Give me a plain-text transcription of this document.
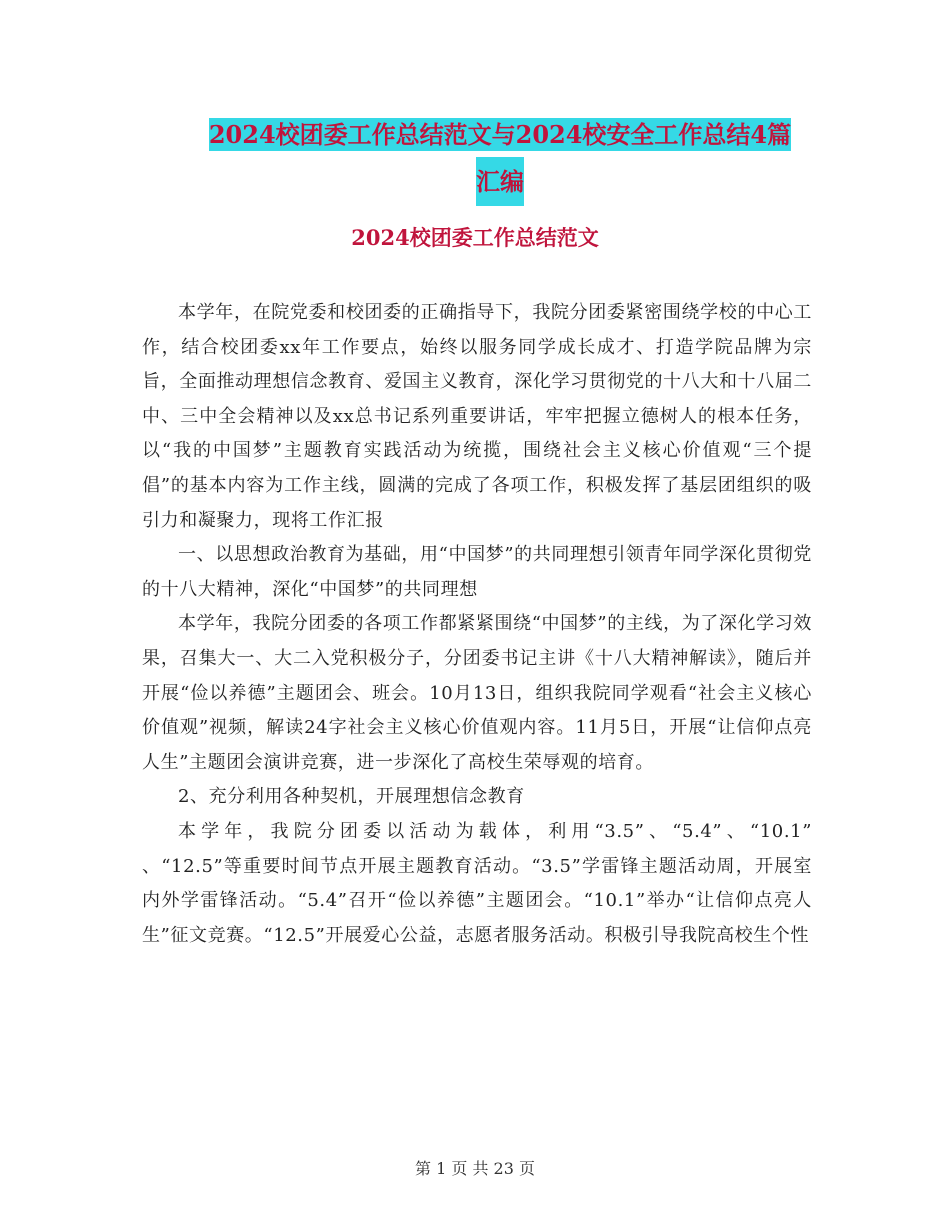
2024校团委工作总结范文与2024校安全工作总结4篇
汇编
2024校团委工作总结范文

本学年，在院党委和校团委的正确指导下，我院分团委紧密围绕学校的中心工作，结合校团委xx年工作要点，始终以服务同学成长成才、打造学院品牌为宗旨，全面推动理想信念教育、爱国主义教育，深化学习贯彻党的十八大和十八届二中、三中全会精神以及xx总书记系列重要讲话，牢牢把握立德树人的根本任务，以“我的中国梦”主题教育实践活动为统揽，围绕社会主义核心价值观“三个提倡”的基本内容为工作主线，圆满的完成了各项工作，积极发挥了基层团组织的吸引力和凝聚力，现将工作汇报

一、以思想政治教育为基础，用“中国梦”的共同理想引领青年同学深化贯彻党的十八大精神，深化“中国梦”的共同理想

本学年，我院分团委的各项工作都紧紧围绕“中国梦”的主线，为了深化学习效果，召集大一、大二入党积极分子，分团委书记主讲《十八大精神解读》，随后并开展“俭以养德”主题团会、班会。10月13日，组织我院同学观看“社会主义核心价值观”视频，解读24字社会主义核心价值观内容。11月5日，开展“让信仰点亮人生”主题团会演讲竞赛，进一步深化了高校生荣辱观的培育。

2、充分利用各种契机，开展理想信念教育

本学年，我院分团委以活动为载体，利用“3.5”、“5.4”、“10.1” 、“12.5”等重要时间节点开展主题教育活动。“3.5”学雷锋主题活动周，开展室内外学雷锋活动。“5.4”召开“俭以养德”主题团会。“10.1”举办“让信仰点亮人生”征文竞赛。“12.5”开展爱心公益，志愿者服务活动。积极引导我院高校生个性

第 1 页 共 23 页
